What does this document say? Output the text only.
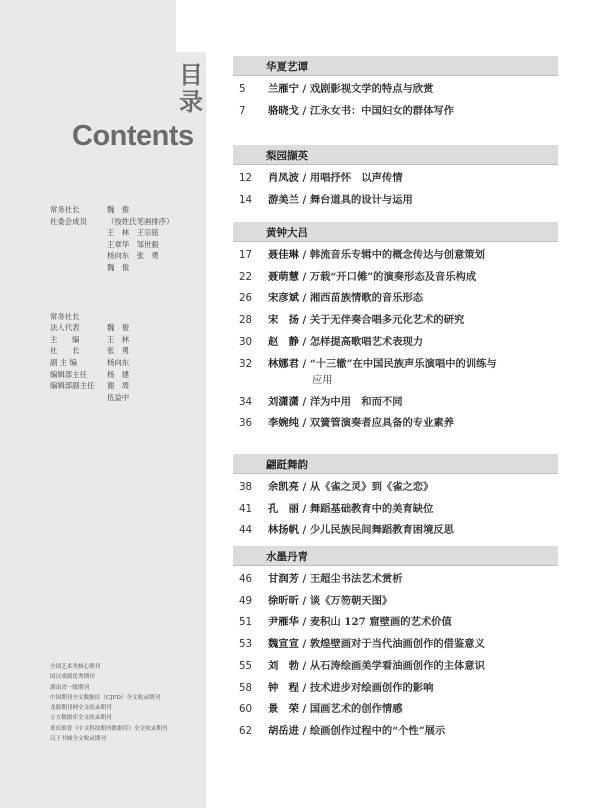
目录
Contents
常务社长	魏　俊
社委会成员	（按姓氏笔画排序）
王　林　王宗铭
王章华　邹世毅
杨向东　张　勇
魏　俊
常务社长
法人代表	魏　俊
主　　编	王　林
社　　长	张　勇
副 主 编	杨向东
编辑部主任	杨　建
编辑部副主任 谢　周
伍益中
全国艺术类核心期刊
国汉戏剧优秀期刊
湖南省一级期刊
中国期刊全文数据库（CJFD）全文收录期刊
龙源期刊网全文收录期刊
万方数据库全文收录期刊
重庆维普《中文科技期刊数据库》全文收录期刊
汉王书城全文收录期刊
华夏艺谭
5	兰雁宁 / 戏剧影视文学的特点与欣赏
7	骆晓戈 / 江永女书：中国妇女的群体写作
梨园撷英
12	肖凤波 / 用唱抒怀　以声传情
14	游美兰 / 舞台道具的设计与运用
黄钟大吕
17	聂佳琳 / 韩流音乐专辑中的概念传达与创意策划
22	聂萌慧 / 万载“开口傩”的演奏形态及音乐构成
26	宋彦斌 / 湘西苗族情歌的音乐形态
28	宋　扬 / 关于无伴奏合唱多元化艺术的研究
30	赵　静 / 怎样提高歌唱艺术表现力
32	林娜君 / “十三辙”在中国民族声乐演唱中的训练与
应用
34	刘潇潇 / 洋为中用　和而不同
36	李婉纯 / 双簧管演奏者应具备的专业素养
翩跹舞韵
38	余凯亮 / 从《雀之灵》到《雀之恋》
41	孔　丽 / 舞蹈基础教育中的美育缺位
44	林扬帆 / 少儿民族民间舞蹈教育困境反思
水墨丹青
46	甘润芳 / 王超尘书法艺术赏析
49	徐昕昕 / 谈《万笏朝天图》
51	尹雁华 / 麦积山 127 窟壁画的艺术价值
53	魏宣宣 / 敦煌壁画对于当代油画创作的借鉴意义
55	刘　勃 / 从石涛绘画美学看油画创作的主体意识
58	钟　程 / 技术进步对绘画创作的影响
60	景　荣 / 国画艺术的创作情感
62	胡岳进 / 绘画创作过程中的“个性”展示
